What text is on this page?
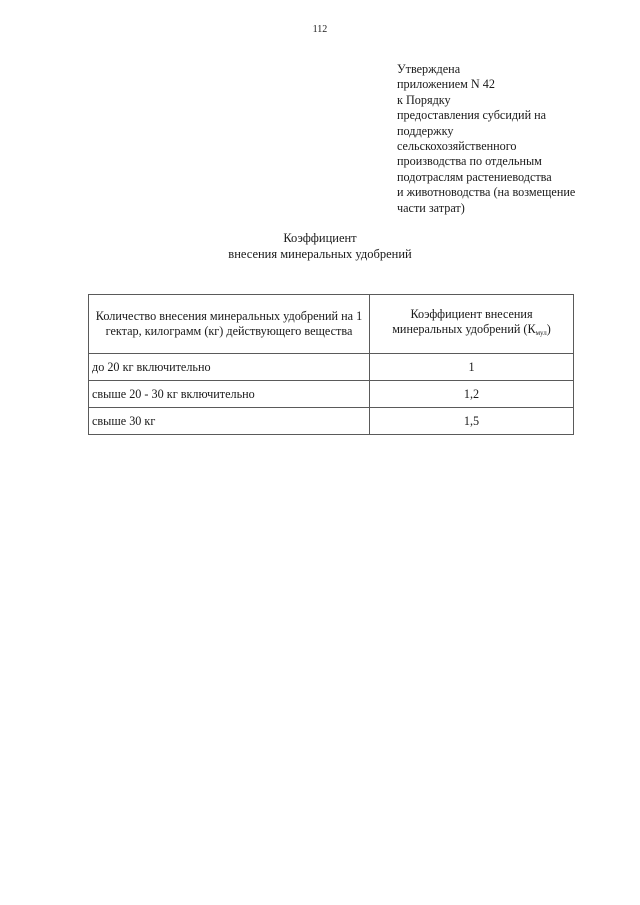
112
Утверждена
приложением N 42
к Порядку
предоставления субсидий на
поддержку
сельскохозяйственного
производства по отдельным
подотраслям растениеводства
и животноводства (на возмещение
части затрат)
Коэффициент
внесения минеральных удобрений
Количество внесения минеральных удобрений на 1 гектар, килограмм (кг) действующего вещества	Коэффициент внесения минеральных удобрений $(К_{мул})$
до 20 кг включительно	1
свыше 20 - 30 кг включительно	1,2
свыше 30 кг	1,5
